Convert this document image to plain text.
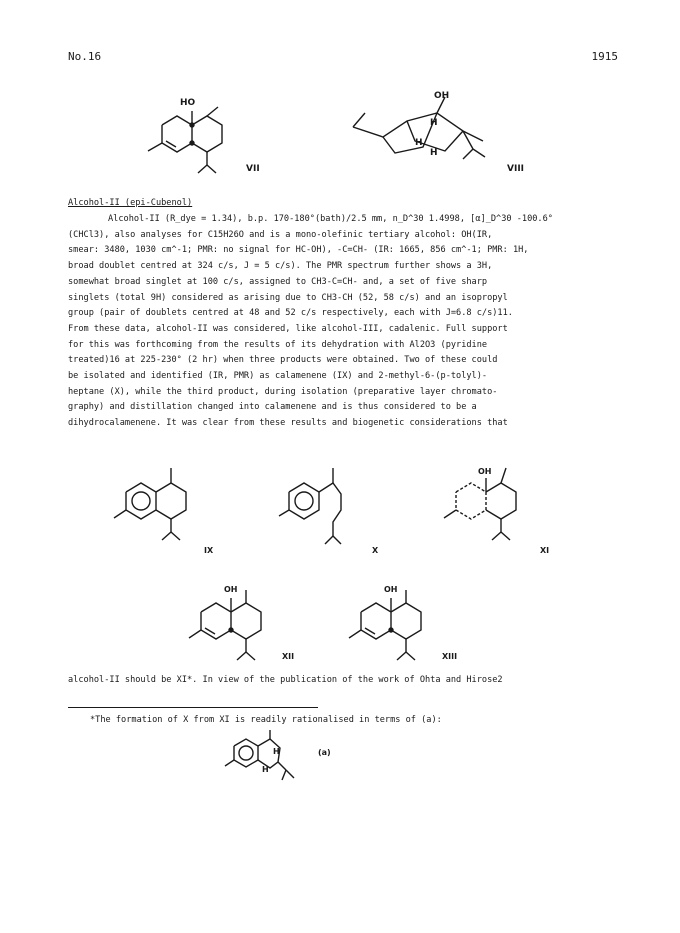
No.16	1915
HO
VII
OH
H
H
H
VIII
Alcohol-II (epi-Cubenol)

Alcohol-II (R_dye = 1.34), b.p. 170-180°(bath)/2.5 mm, n_D^30 1.4998, [α]_D^30 -100.6°

(CHCl3), also analyses for C15H26O and is a mono-olefinic tertiary alcohol: OH(IR,

smear: 3480, 1030 cm^-1; PMR: no signal for HC-OH), -C=CH- (IR: 1665, 856 cm^-1; PMR: 1H,

broad doublet centred at 324 c/s, J = 5 c/s). The PMR spectrum further shows a 3H,

somewhat broad singlet at 100 c/s, assigned to CH3-C=CH- and, a set of five sharp

singlets (total 9H) considered as arising due to CH3-CH (52, 58 c/s) and an isopropyl

group (pair of doublets centred at 48 and 52 c/s respectively, each with J=6.8 c/s)11.

From these data, alcohol-II was considered, like alcohol-III, cadalenic. Full support

for this was forthcoming from the results of its dehydration with Al2O3 (pyridine

treated)16 at 225-230° (2 hr) when three products were obtained. Two of these could

be isolated and identified (IR, PMR) as calamenene (IX) and 2-methyl-6-(p-tolyl)-

heptane (X), while the third product, during isolation (preparative layer chromato-

graphy) and distillation changed into calamenene and is thus considered to be a

dihydrocalamenene. It was clear from these results and biogenetic considerations that

IX	X
OH
XI
OH
XII
OH
XIII
alcohol-II should be XI*. In view of the publication of the work of Ohta and Hirose2
*The formation of X from XI is readily rationalised in terms of (a):
H
H
(a)
